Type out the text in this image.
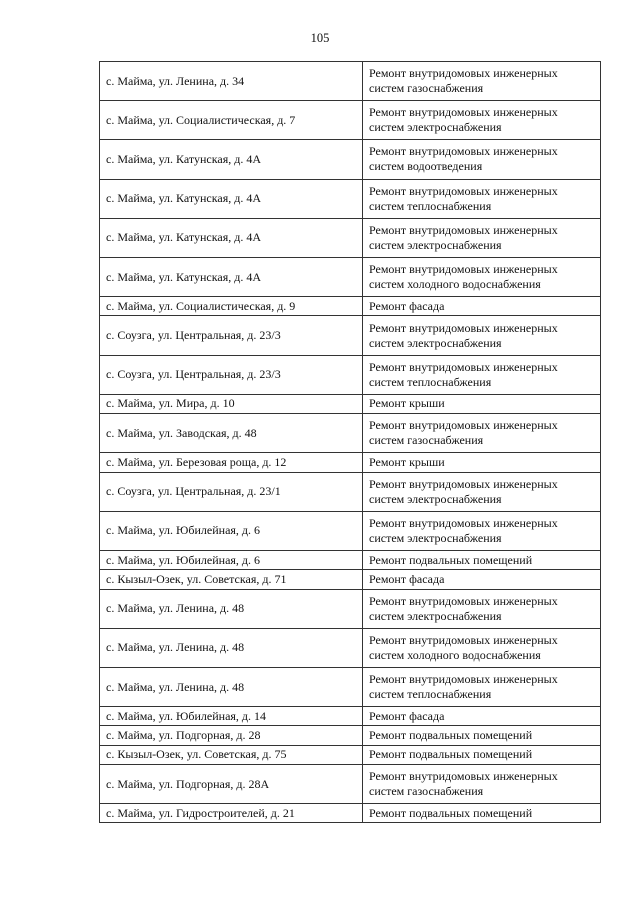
105
с. Майма, ул. Ленина, д. 34	Ремонт внутридомовых инженерных систем газоснабжения
с. Майма, ул. Социалистическая, д. 7	Ремонт внутридомовых инженерных систем электроснабжения
с. Майма, ул. Катунская, д. 4А	Ремонт внутридомовых инженерных систем водоотведения
с. Майма, ул. Катунская, д. 4А	Ремонт внутридомовых инженерных систем теплоснабжения
с. Майма, ул. Катунская, д. 4А	Ремонт внутридомовых инженерных систем электроснабжения
с. Майма, ул. Катунская, д. 4А	Ремонт внутридомовых инженерных систем холодного водоснабжения
с. Майма, ул. Социалистическая, д. 9	Ремонт фасада
с. Соузга, ул. Центральная, д. 23/3	Ремонт внутридомовых инженерных систем электроснабжения
с. Соузга, ул. Центральная, д. 23/3	Ремонт внутридомовых инженерных систем теплоснабжения
с. Майма, ул. Мира, д. 10	Ремонт крыши
с. Майма, ул. Заводская, д. 48	Ремонт внутридомовых инженерных систем газоснабжения
с. Майма, ул. Березовая роща, д. 12	Ремонт крыши
с. Соузга, ул. Центральная, д. 23/1	Ремонт внутридомовых инженерных систем электроснабжения
с. Майма, ул. Юбилейная, д. 6	Ремонт внутридомовых инженерных систем электроснабжения
с. Майма, ул. Юбилейная, д. 6	Ремонт подвальных помещений
с. Кызыл-Озек, ул. Советская, д. 71	Ремонт фасада
с. Майма, ул. Ленина, д. 48	Ремонт внутридомовых инженерных систем электроснабжения
с. Майма, ул. Ленина, д. 48	Ремонт внутридомовых инженерных систем холодного водоснабжения
с. Майма, ул. Ленина, д. 48	Ремонт внутридомовых инженерных систем теплоснабжения
с. Майма, ул. Юбилейная, д. 14	Ремонт фасада
с. Майма, ул. Подгорная, д. 28	Ремонт подвальных помещений
с. Кызыл-Озек, ул. Советская, д. 75	Ремонт подвальных помещений
с. Майма, ул. Подгорная, д. 28А	Ремонт внутридомовых инженерных систем газоснабжения
с. Майма, ул. Гидростроителей, д. 21	Ремонт подвальных помещений
